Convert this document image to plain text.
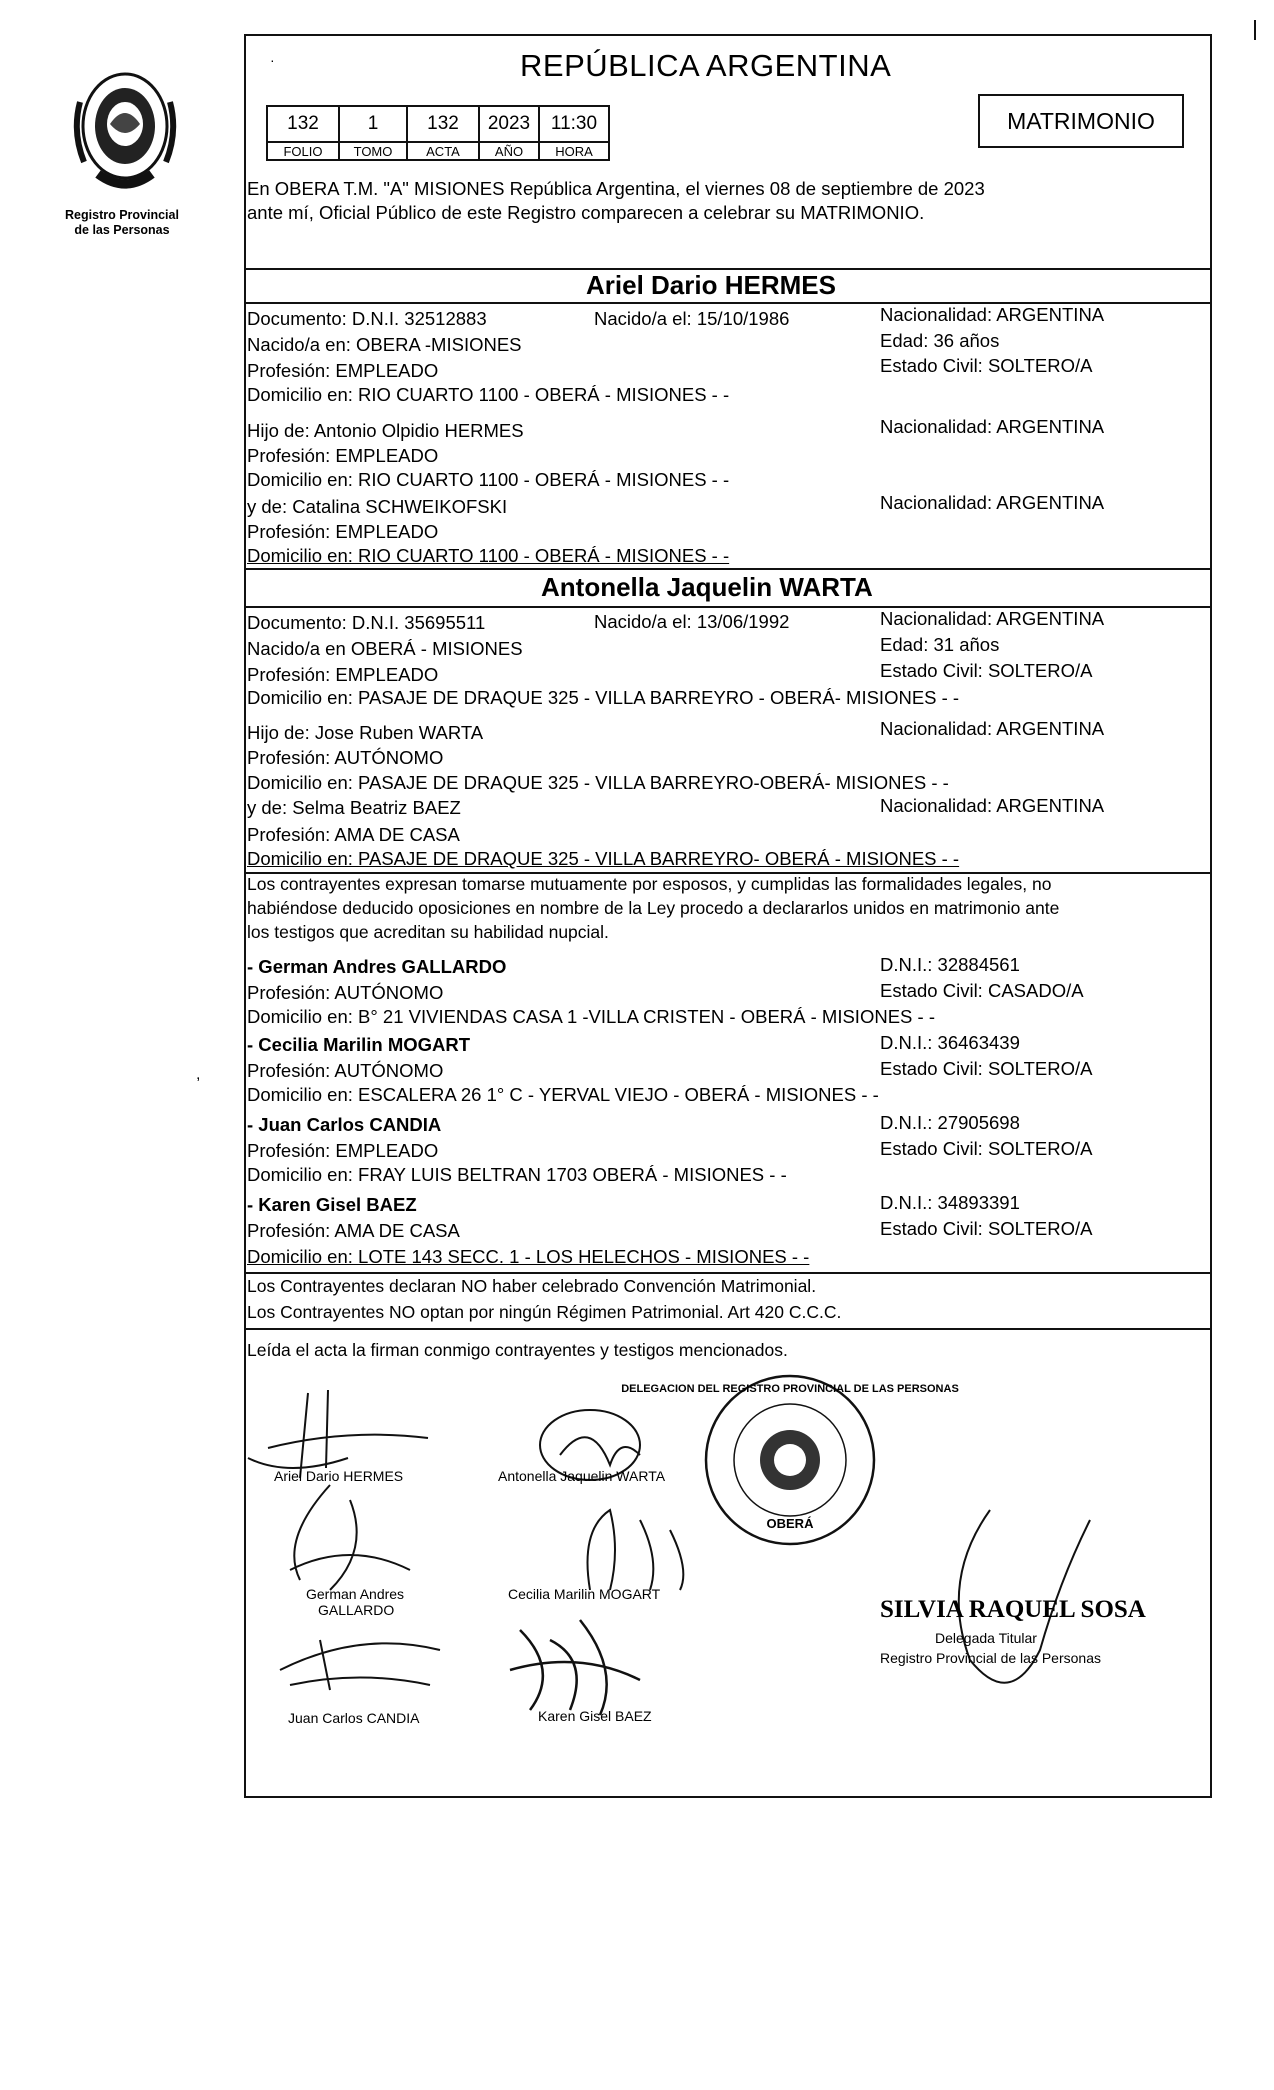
Registro Provincial
de las Personas
·	REPÚBLICA ARGENTINA
132	1	132	2023	11:30
FOLIO	TOMO	ACTA	AÑO	HORA
MATRIMONIO
En OBERA T.M. "A" MISIONES República Argentina, el viernes 08 de septiembre de 2023
ante mí, Oficial Público de este Registro comparecen a celebrar su MATRIMONIO.
Ariel Dario HERMES
Documento: D.N.I. 32512883	Nacido/a el: 15/10/1986	Nacionalidad: ARGENTINA
Nacido/a en: OBERA -MISIONES	Edad: 36 años
Profesión: EMPLEADO	Estado Civil: SOLTERO/A
Domicilio en: RIO CUARTO 1100 - OBERÁ - MISIONES - -
Hijo de: Antonio Olpidio HERMES	Nacionalidad: ARGENTINA
Profesión: EMPLEADO
Domicilio en: RIO CUARTO 1100 - OBERÁ - MISIONES - -
y de: Catalina SCHWEIKOFSKI	Nacionalidad: ARGENTINA
Profesión: EMPLEADO
Domicilio en: RIO CUARTO 1100 - OBERÁ - MISIONES - -
Antonella Jaquelin WARTA
Documento: D.N.I. 35695511	Nacido/a el: 13/06/1992	Nacionalidad: ARGENTINA
Nacido/a en OBERÁ - MISIONES	Edad: 31 años
Profesión: EMPLEADO	Estado Civil: SOLTERO/A
Domicilio en: PASAJE DE DRAQUE 325 - VILLA BARREYRO - OBERÁ- MISIONES - -
Hijo de: Jose Ruben WARTA	Nacionalidad: ARGENTINA
Profesión: AUTÓNOMO
Domicilio en: PASAJE DE DRAQUE 325 - VILLA BARREYRO-OBERÁ- MISIONES - -
y de: Selma Beatriz BAEZ	Nacionalidad: ARGENTINA
Profesión: AMA DE CASA
Domicilio en: PASAJE DE DRAQUE 325 - VILLA BARREYRO- OBERÁ - MISIONES - -
Los contrayentes expresan tomarse mutuamente por esposos, y cumplidas las formalidades legales, no
habiéndose deducido oposiciones en nombre de la Ley procedo a declararlos unidos en matrimonio ante
los testigos que acreditan su habilidad nupcial.
- German Andres GALLARDO	D.N.I.: 32884561
Profesión: AUTÓNOMO	Estado Civil: CASADO/A
Domicilio en: B° 21 VIVIENDAS CASA 1 -VILLA CRISTEN - OBERÁ - MISIONES - -
- Cecilia Marilin MOGART	D.N.I.: 36463439
Profesión: AUTÓNOMO	Estado Civil: SOLTERO/A
Domicilio en: ESCALERA 26 1° C - YERVAL VIEJO - OBERÁ - MISIONES - -
- Juan Carlos CANDIA	D.N.I.: 27905698
Profesión: EMPLEADO	Estado Civil: SOLTERO/A
Domicilio en: FRAY LUIS BELTRAN 1703 OBERÁ - MISIONES - -
- Karen Gisel BAEZ	D.N.I.: 34893391
Profesión: AMA DE CASA	Estado Civil: SOLTERO/A
Domicilio en: LOTE 143 SECC. 1 - LOS HELECHOS - MISIONES - -
Los Contrayentes declaran NO haber celebrado Convención Matrimonial.
Los Contrayentes NO optan por ningún Régimen Patrimonial. Art 420 C.C.C.
Leída el acta la firman conmigo contrayentes y testigos mencionados.
Ariel Dario HERMES	Antonella Jaquelin WARTA
German Andres
GALLARDO
Cecilia Marilin MOGART
Juan Carlos CANDIA	Karen Gisel BAEZ
DELEGACION DEL REGISTRO PROVINCIAL DE LAS PERSONAS
OBERÁ
SILVIA RAQUEL SOSA
Delegada Titular
Registro Provincial de las Personas
,
